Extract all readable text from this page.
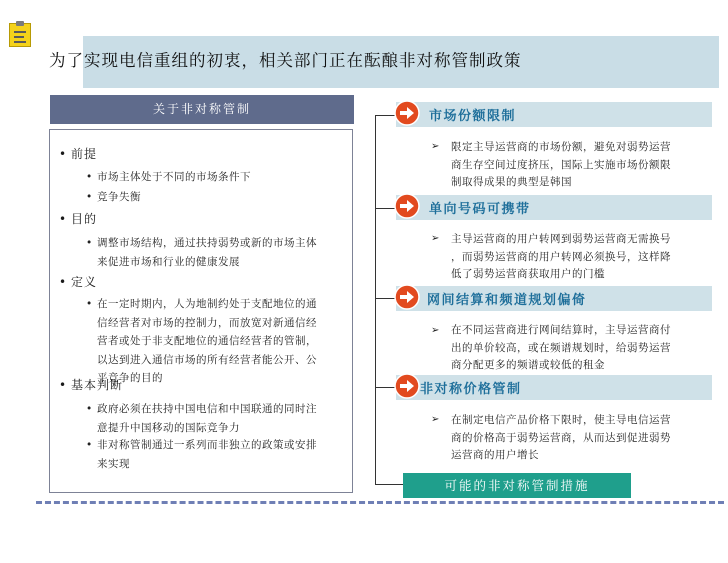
为了实现电信重组的初衷，相关部门正在酝酿非对称管制政策
关于非对称管制
• 前提
• 市场主体处于不同的市场条件下
• 竞争失衡
• 目的
• 调整市场结构，通过扶持弱势或新的市场主体
来促进市场和行业的健康发展
• 定义
• 在一定时期内，人为地制约处于支配地位的通
信经营者对市场的控制力，而放宽对新通信经
营者或处于非支配地位的通信经营者的管制，
以达到进入通信市场的所有经营者能公开、公
平竞争的目的
• 基本判断
• 政府必须在扶持中国电信和中国联通的同时注
意提升中国移动的国际竞争力
• 非对称管制通过一系列而非独立的政策或安排
来实现
市场份额限制
➢ 限定主导运营商的市场份额，避免对弱势运营
商生存空间过度挤压，国际上实施市场份额限
制取得成果的典型是韩国
单向号码可携带
➢ 主导运营商的用户转网到弱势运营商无需换号
，而弱势运营商的用户转网必须换号，这样降
低了弱势运营商获取用户的门槛
网间结算和频道规划偏倚
➢ 在不同运营商进行网间结算时，主导运营商付
出的单价较高，或在频谱规划时，给弱势运营
商分配更多的频谱或较低的租金
非对称价格管制
➢ 在制定电信产品价格下限时，使主导电信运营
商的价格高于弱势运营商，从而达到促进弱势
运营商的用户增长
可能的非对称管制措施
